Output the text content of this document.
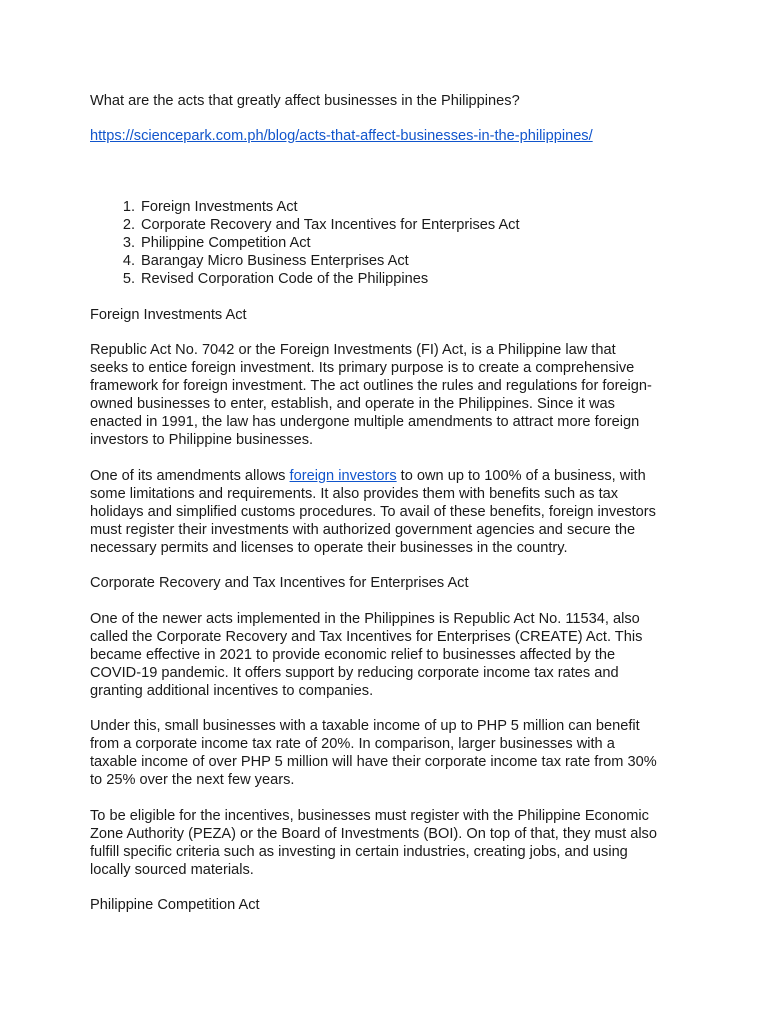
What are the acts that greatly affect businesses in the Philippines?

https://sciencepark.com.ph/blog/acts-that-affect-businesses-in-the-philippines/

1. Foreign Investments Act
2. Corporate Recovery and Tax Incentives for Enterprises Act
3. Philippine Competition Act
4. Barangay Micro Business Enterprises Act
5. Revised Corporation Code of the Philippines

Foreign Investments Act

Republic Act No. 7042 or the Foreign Investments (FI) Act, is a Philippine law that

seeks to entice foreign investment. Its primary purpose is to create a comprehensive

framework for foreign investment. The act outlines the rules and regulations for foreign-

owned businesses to enter, establish, and operate in the Philippines. Since it was

enacted in 1991, the law has undergone multiple amendments to attract more foreign

investors to Philippine businesses.

One of its amendments allows foreign investors to own up to 100% of a business, with

some limitations and requirements. It also provides them with benefits such as tax

holidays and simplified customs procedures. To avail of these benefits, foreign investors

must register their investments with authorized government agencies and secure the

necessary permits and licenses to operate their businesses in the country.

Corporate Recovery and Tax Incentives for Enterprises Act

One of the newer acts implemented in the Philippines is Republic Act No. 11534, also

called the Corporate Recovery and Tax Incentives for Enterprises (CREATE) Act. This

became effective in 2021 to provide economic relief to businesses affected by the

COVID-19 pandemic. It offers support by reducing corporate income tax rates and

granting additional incentives to companies.

Under this, small businesses with a taxable income of up to PHP 5 million can benefit

from a corporate income tax rate of 20%. In comparison, larger businesses with a

taxable income of over PHP 5 million will have their corporate income tax rate from 30%

to 25% over the next few years.

To be eligible for the incentives, businesses must register with the Philippine Economic

Zone Authority (PEZA) or the Board of Investments (BOI). On top of that, they must also

fulfill specific criteria such as investing in certain industries, creating jobs, and using

locally sourced materials.

Philippine Competition Act
